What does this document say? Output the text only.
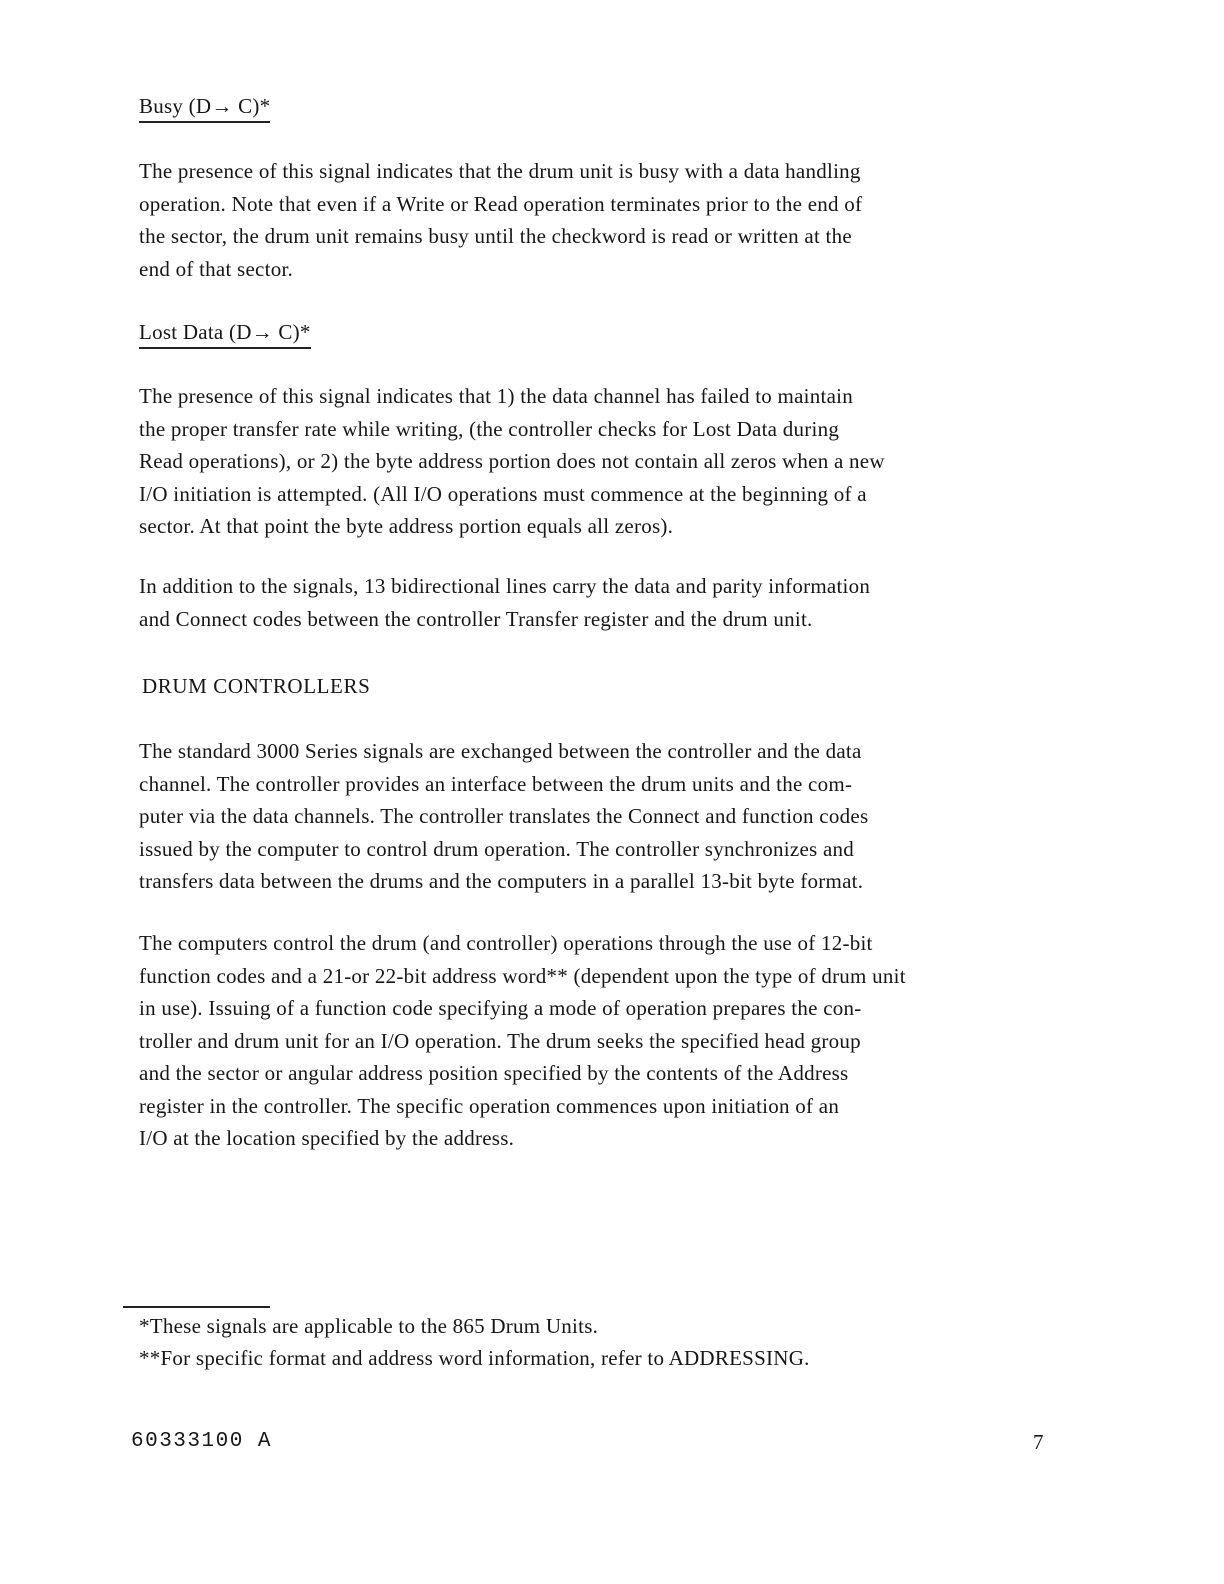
Busy (D→ C)*
The presence of this signal indicates that the drum unit is busy with a data handling
operation. Note that even if a Write or Read operation terminates prior to the end of
the sector, the drum unit remains busy until the checkword is read or written at the
end of that sector.
Lost Data (D→ C)*
The presence of this signal indicates that 1) the data channel has failed to maintain
the proper transfer rate while writing, (the controller checks for Lost Data during
Read operations), or 2) the byte address portion does not contain all zeros when a new
I/O initiation is attempted. (All I/O operations must commence at the beginning of a
sector. At that point the byte address portion equals all zeros).
In addition to the signals, 13 bidirectional lines carry the data and parity information
and Connect codes between the controller Transfer register and the drum unit.
DRUM CONTROLLERS
The standard 3000 Series signals are exchanged between the controller and the data
channel. The controller provides an interface between the drum units and the com-
puter via the data channels. The controller translates the Connect and function codes
issued by the computer to control drum operation. The controller synchronizes and
transfers data between the drums and the computers in a parallel 13-bit byte format.
The computers control the drum (and controller) operations through the use of 12-bit
function codes and a 21-or 22-bit address word** (dependent upon the type of drum unit
in use). Issuing of a function code specifying a mode of operation prepares the con-
troller and drum unit for an I/O operation. The drum seeks the specified head group
and the sector or angular address position specified by the contents of the Address
register in the controller. The specific operation commences upon initiation of an
I/O at the location specified by the address.
*These signals are applicable to the 865 Drum Units.
**For specific format and address word information, refer to ADDRESSING.
60333100 A	7
